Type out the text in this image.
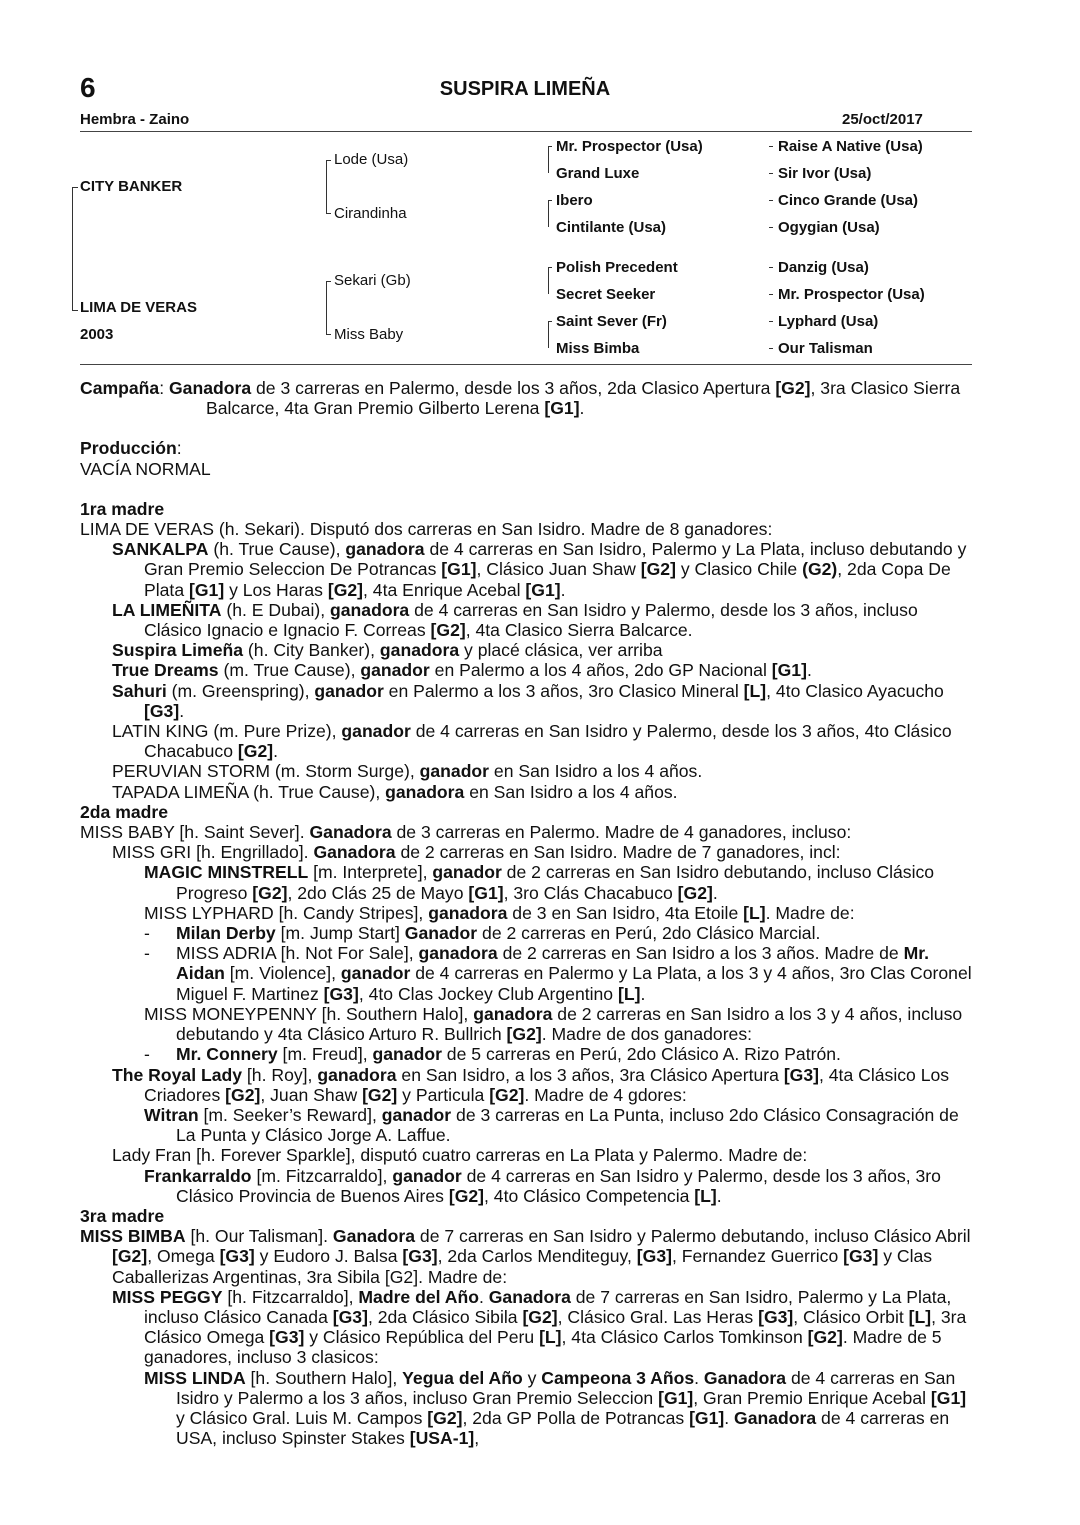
6	SUSPIRA LIMEÑA
Hembra - Zaino	25/oct/2017
CITY BANKER
LIMA DE VERAS
2003
Lode (Usa)
Cirandinha
Sekari (Gb)
Miss Baby
Mr. Prospector (Usa)
Grand Luxe
Ibero
Cintilante (Usa)
Polish Precedent
Secret Seeker
Saint Sever (Fr)
Miss Bimba
Raise A Native (Usa)
Sir Ivor (Usa)
Cinco Grande (Usa)
Ogygian (Usa)
Danzig (Usa)
Mr. Prospector (Usa)
Lyphard (Usa)
Our Talisman

Campaña: Ganadora de 3 carreras en Palermo, desde los 3 años, 2da Clasico Apertura [G2], 3ra Clasico Sierra Balcarce, 4ta Gran Premio Gilberto Lerena [G1].

Producción:

VACÍA NORMAL

1ra madre

LIMA DE VERAS (h. Sekari). Disputó dos carreras en San Isidro. Madre de 8 ganadores:

SANKALPA (h. True Cause), ganadora de 4 carreras en San Isidro, Palermo y La Plata, incluso debutando y Gran Premio Seleccion De Potrancas [G1], Clásico Juan Shaw [G2] y Clasico Chile (G2), 2da Copa De Plata [G1] y Los Haras [G2], 4ta Enrique Acebal [G1].

LA LIMEÑITA (h. E Dubai), ganadora de 4 carreras en San Isidro y Palermo, desde los 3 años, incluso Clásico Ignacio e Ignacio F. Correas [G2], 4ta Clasico Sierra Balcarce.

Suspira Limeña (h. City Banker), ganadora y placé clásica, ver arriba

True Dreams (m. True Cause), ganador en Palermo a los 4 años, 2do GP Nacional [G1].

Sahuri (m. Greenspring), ganador en Palermo a los 3 años, 3ro Clasico Mineral [L], 4to Clasico Ayacucho [G3].

LATIN KING (m. Pure Prize), ganador de 4 carreras en San Isidro y Palermo, desde los 3 años, 4to Clásico Chacabuco [G2].

PERUVIAN STORM (m. Storm Surge), ganador en San Isidro a los 4 años.

TAPADA LIMEÑA (h. True Cause), ganadora en San Isidro a los 4 años.

2da madre

MISS BABY [h. Saint Sever]. Ganadora de 3 carreras en Palermo. Madre de 4 ganadores, incluso:

MISS GRI [h. Engrillado]. Ganadora de 2 carreras en San Isidro. Madre de 7 ganadores, incl:

MAGIC MINSTRELL [m. Interprete], ganador de 2 carreras en San Isidro debutando, incluso Clásico Progreso [G2], 2do Clás 25 de Mayo [G1], 3ro Clás Chacabuco [G2].

MISS LYPHARD [h. Candy Stripes], ganadora de 3 en San Isidro, 4ta Etoile [L]. Madre de:

- Milan Derby [m. Jump Start] Ganador de 2 carreras en Perú, 2do Clásico Marcial.

- MISS ADRIA [h. Not For Sale], ganadora de 2 carreras en San Isidro a los 3 años. Madre de Mr. Aidan [m. Violence], ganador de 4 carreras en Palermo y La Plata, a los 3 y 4 años, 3ro Clas Coronel Miguel F. Martinez [G3], 4to Clas Jockey Club Argentino [L].

MISS MONEYPENNY [h. Southern Halo], ganadora de 2 carreras en San Isidro a los 3 y 4 años, incluso debutando y 4ta Clásico Arturo R. Bullrich [G2]. Madre de dos ganadores:

- Mr. Connery [m. Freud], ganador de 5 carreras en Perú, 2do Clásico A. Rizo Patrón.

The Royal Lady [h. Roy], ganadora en San Isidro, a los 3 años, 3ra Clásico Apertura [G3], 4ta Clásico Los Criadores [G2], Juan Shaw [G2] y Particula [G2]. Madre de 4 gdores:

Witran [m. Seeker’s Reward], ganador de 3 carreras en La Punta, incluso 2do Clásico Consagración de La Punta y Clásico Jorge A. Laffue.

Lady Fran [h. Forever Sparkle], disputó cuatro carreras en La Plata y Palermo. Madre de:

Frankarraldo [m. Fitzcarraldo], ganador de 4 carreras en San Isidro y Palermo, desde los 3 años, 3ro Clásico Provincia de Buenos Aires [G2], 4to Clásico Competencia [L].

3ra madre

MISS BIMBA [h. Our Talisman]. Ganadora de 7 carreras en San Isidro y Palermo debutando, incluso Clásico Abril [G2], Omega [G3] y Eudoro J. Balsa [G3], 2da Carlos Menditeguy, [G3], Fernandez Guerrico [G3] y Clas Caballerizas Argentinas, 3ra Sibila [G2]. Madre de:

MISS PEGGY [h. Fitzcarraldo], Madre del Año. Ganadora de 7 carreras en San Isidro, Palermo y La Plata, incluso Clásico Canada [G3], 2da Clásico Sibila [G2], Clásico Gral. Las Heras [G3], Clásico Orbit [L], 3ra Clásico Omega [G3] y Clásico República del Peru [L], 4ta Clásico Carlos Tomkinson [G2]. Madre de 5 ganadores, incluso 3 clasicos:

MISS LINDA [h. Southern Halo], Yegua del Año y Campeona 3 Años. Ganadora de 4 carreras en San Isidro y Palermo a los 3 años, incluso Gran Premio Seleccion [G1], Gran Premio Enrique Acebal [G1] y Clásico Gral. Luis M. Campos [G2], 2da GP Polla de Potrancas [G1]. Ganadora de 4 carreras en USA, incluso Spinster Stakes [USA-1],
